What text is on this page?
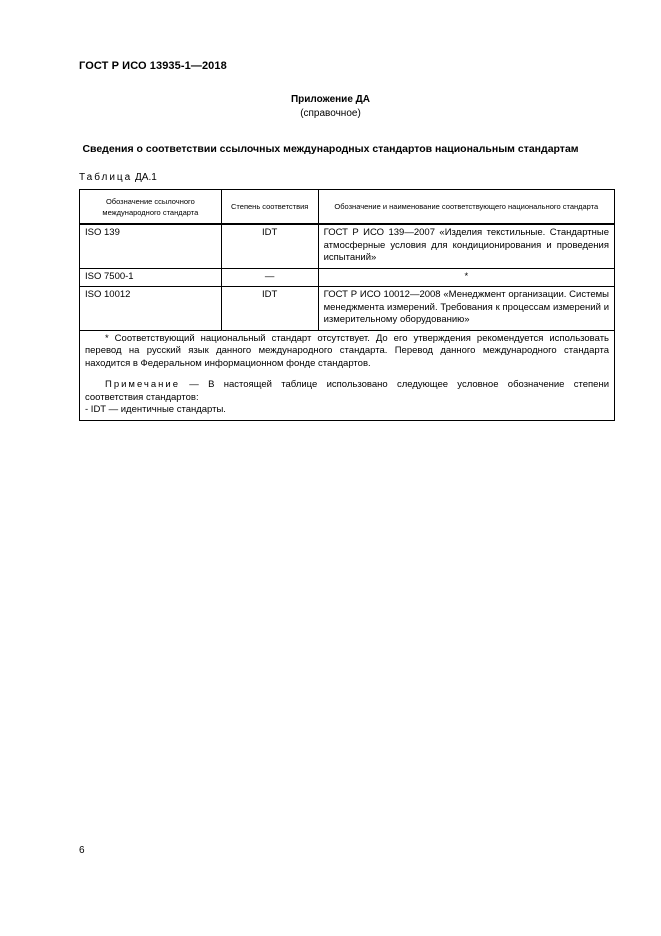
ГОСТ Р ИСО 13935-1—2018
Приложение ДА
(справочное)
Сведения о соответствии ссылочных международных стандартов национальным стандартам
Таблица ДА.1
Обозначение ссылочного международного стандарта	Степень соответствия	Обозначение и наименование соответствующего национального стандарта
ISO 139	IDT	ГОСТ Р ИСО 139—2007 «Изделия текстильные. Стандартные атмосферные условия для кондиционирования и проведения испытаний»
ISO 7500-1	—	*
ISO 10012	IDT	ГОСТ Р ИСО 10012—2008 «Менеджмент организации. Системы менеджмента измерений. Требования к процессам измерений и измерительному оборудованию»

* Соответствующий национальный стандарт отсутствует. До его утверждения рекомендуется использовать перевод на русский язык данного международного стандарта. Перевод данного международного стандарта находится в Федеральном информационном фонде стандартов.
Примечание — В настоящей таблице использовано следующее условное обозначение степени соответствия стандартов:
- IDT — идентичные стандарты.		
6
